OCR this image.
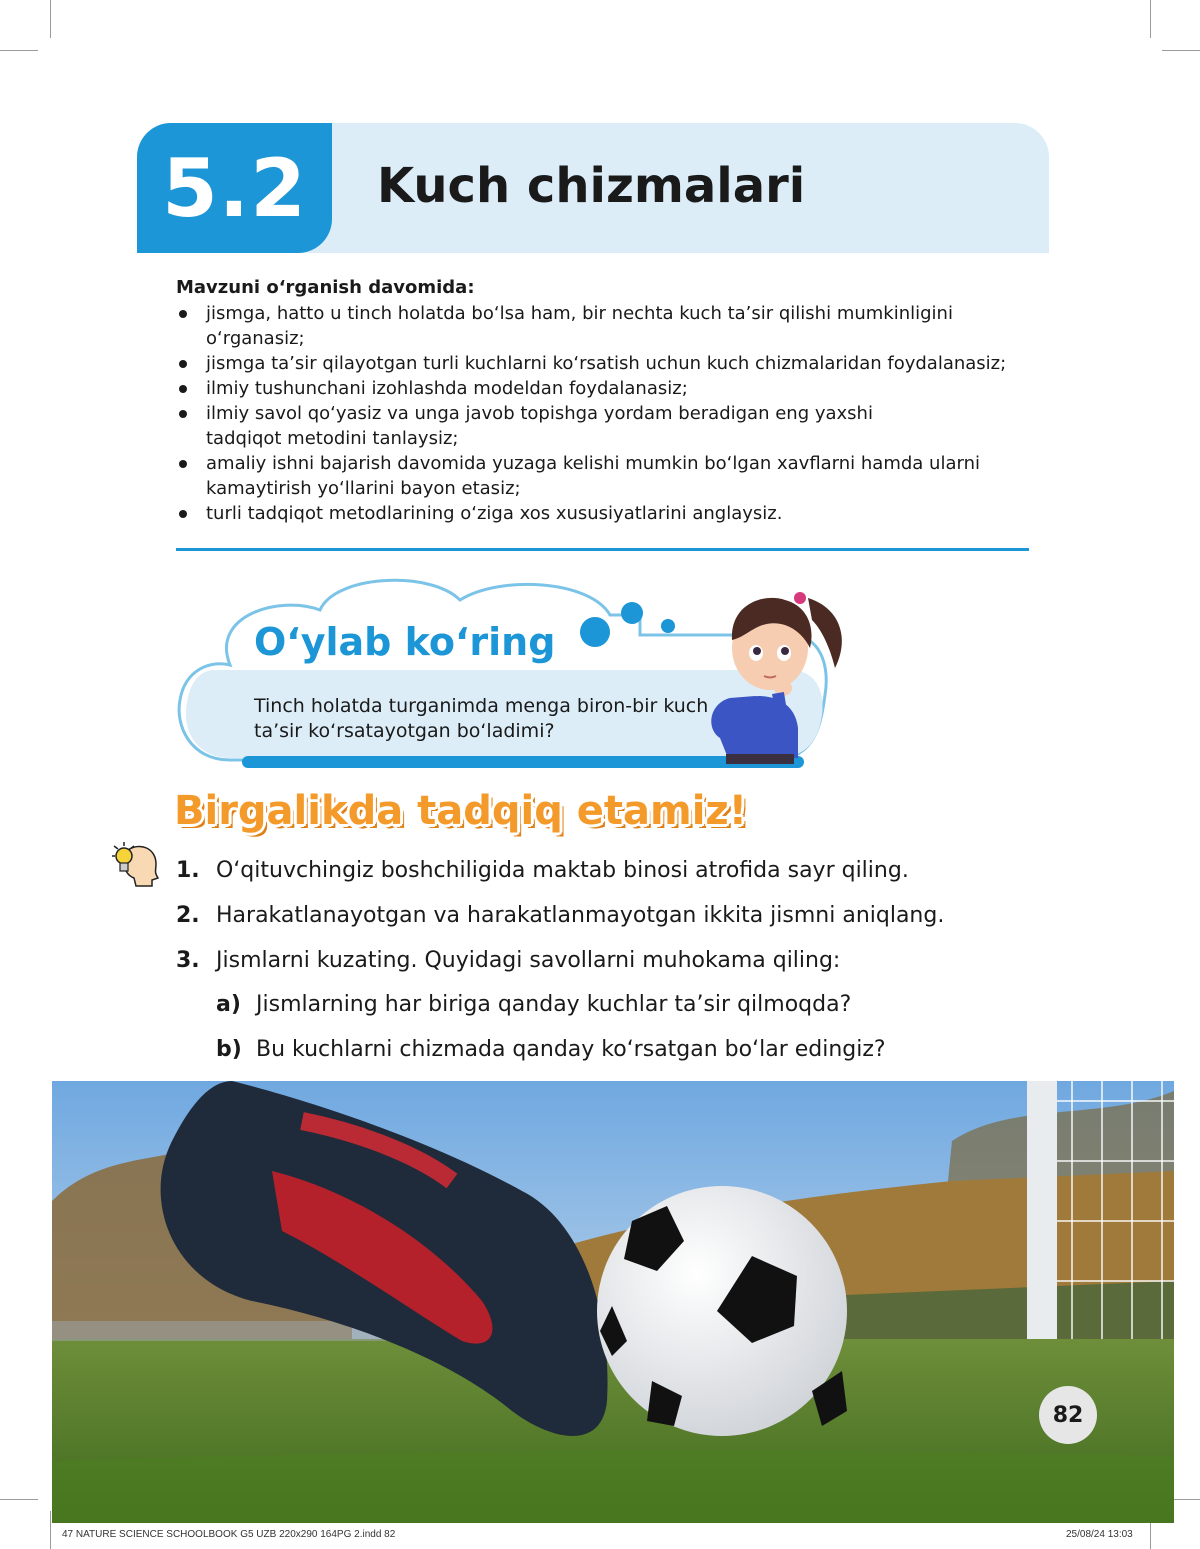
5.2	Kuch chizmalari
Mavzuni o‘rganish davomida:
jismga, hatto u tinch holatda bo‘lsa ham, bir nechta kuch ta’sir qilishi mumkinligini o‘rganasiz;
jismga ta’sir qilayotgan turli kuchlarni ko‘rsatish uchun kuch chizmalaridan foydalanasiz;
ilmiy tushunchani izohlashda modeldan foydalanasiz;
ilmiy savol qo‘yasiz va unga javob topishga yordam beradigan eng yaxshi tadqiqot metodini tanlaysiz;
amaliy ishni bajarish davomida yuzaga kelishi mumkin bo‘lgan xavflarni hamda ularni kamaytirish yo‘llarini bayon etasiz;
turli tadqiqot metodlarining o‘ziga xos xususiyatlarini anglaysiz.
O‘ylab ko‘ring
Tinch holatda turganimda menga biron-bir kuch ta’sir ko‘rsatayotgan bo‘ladimi?
Birgalikda tadqiq etamiz!
1. O‘qituvchingiz boshchiligida maktab binosi atrofida sayr qiling.
2. Harakatlanayotgan va harakatlanmayotgan ikkita jismni aniqlang.
3. Jismlarni kuzating. Quyidagi savollarni muhokama qiling:
a) Jismlarning har biriga qanday kuchlar ta’sir qilmoqda?
b) Bu kuchlarni chizmada qanday ko‘rsatgan bo‘lar edingiz?
82
47 NATURE SCIENCE SCHOOLBOOK G5 UZB 220x290 164PG 2.indd 82	25/08/24 13:03
